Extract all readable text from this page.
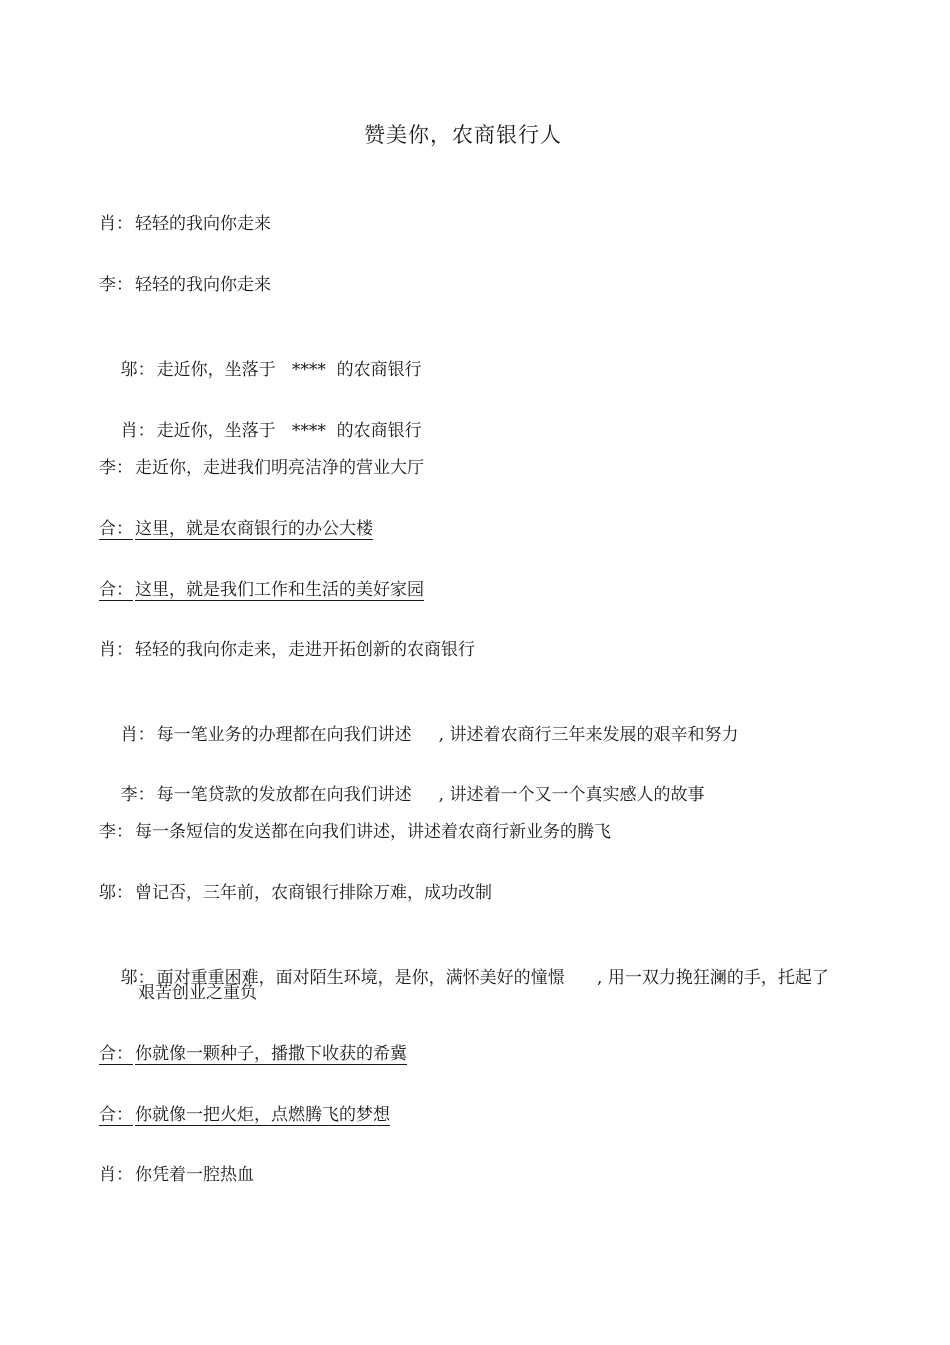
赞美你，农商银行人
肖： 轻轻的我向你走来
李： 轻轻的我向你走来

邬： 走近你，坐落于   ****  的农商银行

肖： 走近你，坐落于   ****  的农商银行

李： 走近你，走进我们明亮洁净的营业大厅
合： 这里，就是农商银行的办公大楼
合： 这里，就是我们工作和生活的美好家园
肖： 轻轻的我向你走来，走进开拓创新的农商银行

肖： 每一笔业务的办理都在向我们讲述     , 讲述着农商行三年来发展的艰辛和努力

李： 每一笔贷款的发放都在向我们讲述     , 讲述着一个又一个真实感人的故事

李： 每一条短信的发送都在向我们讲述，讲述着农商行新业务的腾飞
邬： 曾记否，三年前，农商银行排除万难，成功改制

邬： 面对重重困难，面对陌生环境，是你，满怀美好的憧憬      , 用一双力挽狂澜的手，托起了

艰苦创业之重负
合： 你就像一颗种子，播撒下收获的希冀
合： 你就像一把火炬，点燃腾飞的梦想
肖： 你凭着一腔热血
